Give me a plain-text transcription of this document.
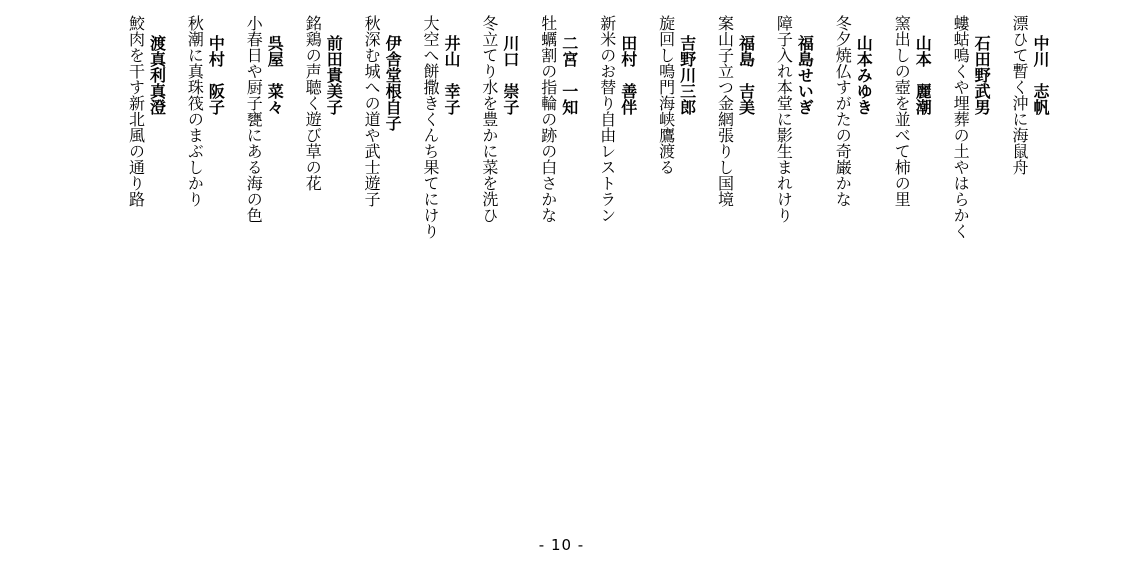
中川　志帆
漂ひて暫く沖に海鼠舟
石田野武男
螻蛄鳴くや埋葬の土やはらかく
山本　麗潮
窯出しの壺を並べて柿の里
山本みゆき
冬夕焼仏すがたの奇巌かな
福島せいぎ
障子入れ本堂に影生まれけり
福島　吉美
案山子立つ金網張りし国境
吉野川三郎
旋回し鳴門海峡鷹渡る
田村　善伴
新米のお替り自由レストラン
二宮　一知
牡蠣割の指輪の跡の白さかな
川口　崇子
冬立てり水を豊かに菜を洗ひ
井山　幸子
大空へ餅撒きくんち果てにけり
伊舎堂根自子
秋深む城への道や武士遊子
前田貴美子
銘鶏の声聴く遊び草の花
呉屋　菜々
小春日や厨子甕にある海の色
中村　阪子
秋潮に真珠筏のまぶしかり
渡真利真澄
鮫肉を干す新北風の通り路
- 10 -
